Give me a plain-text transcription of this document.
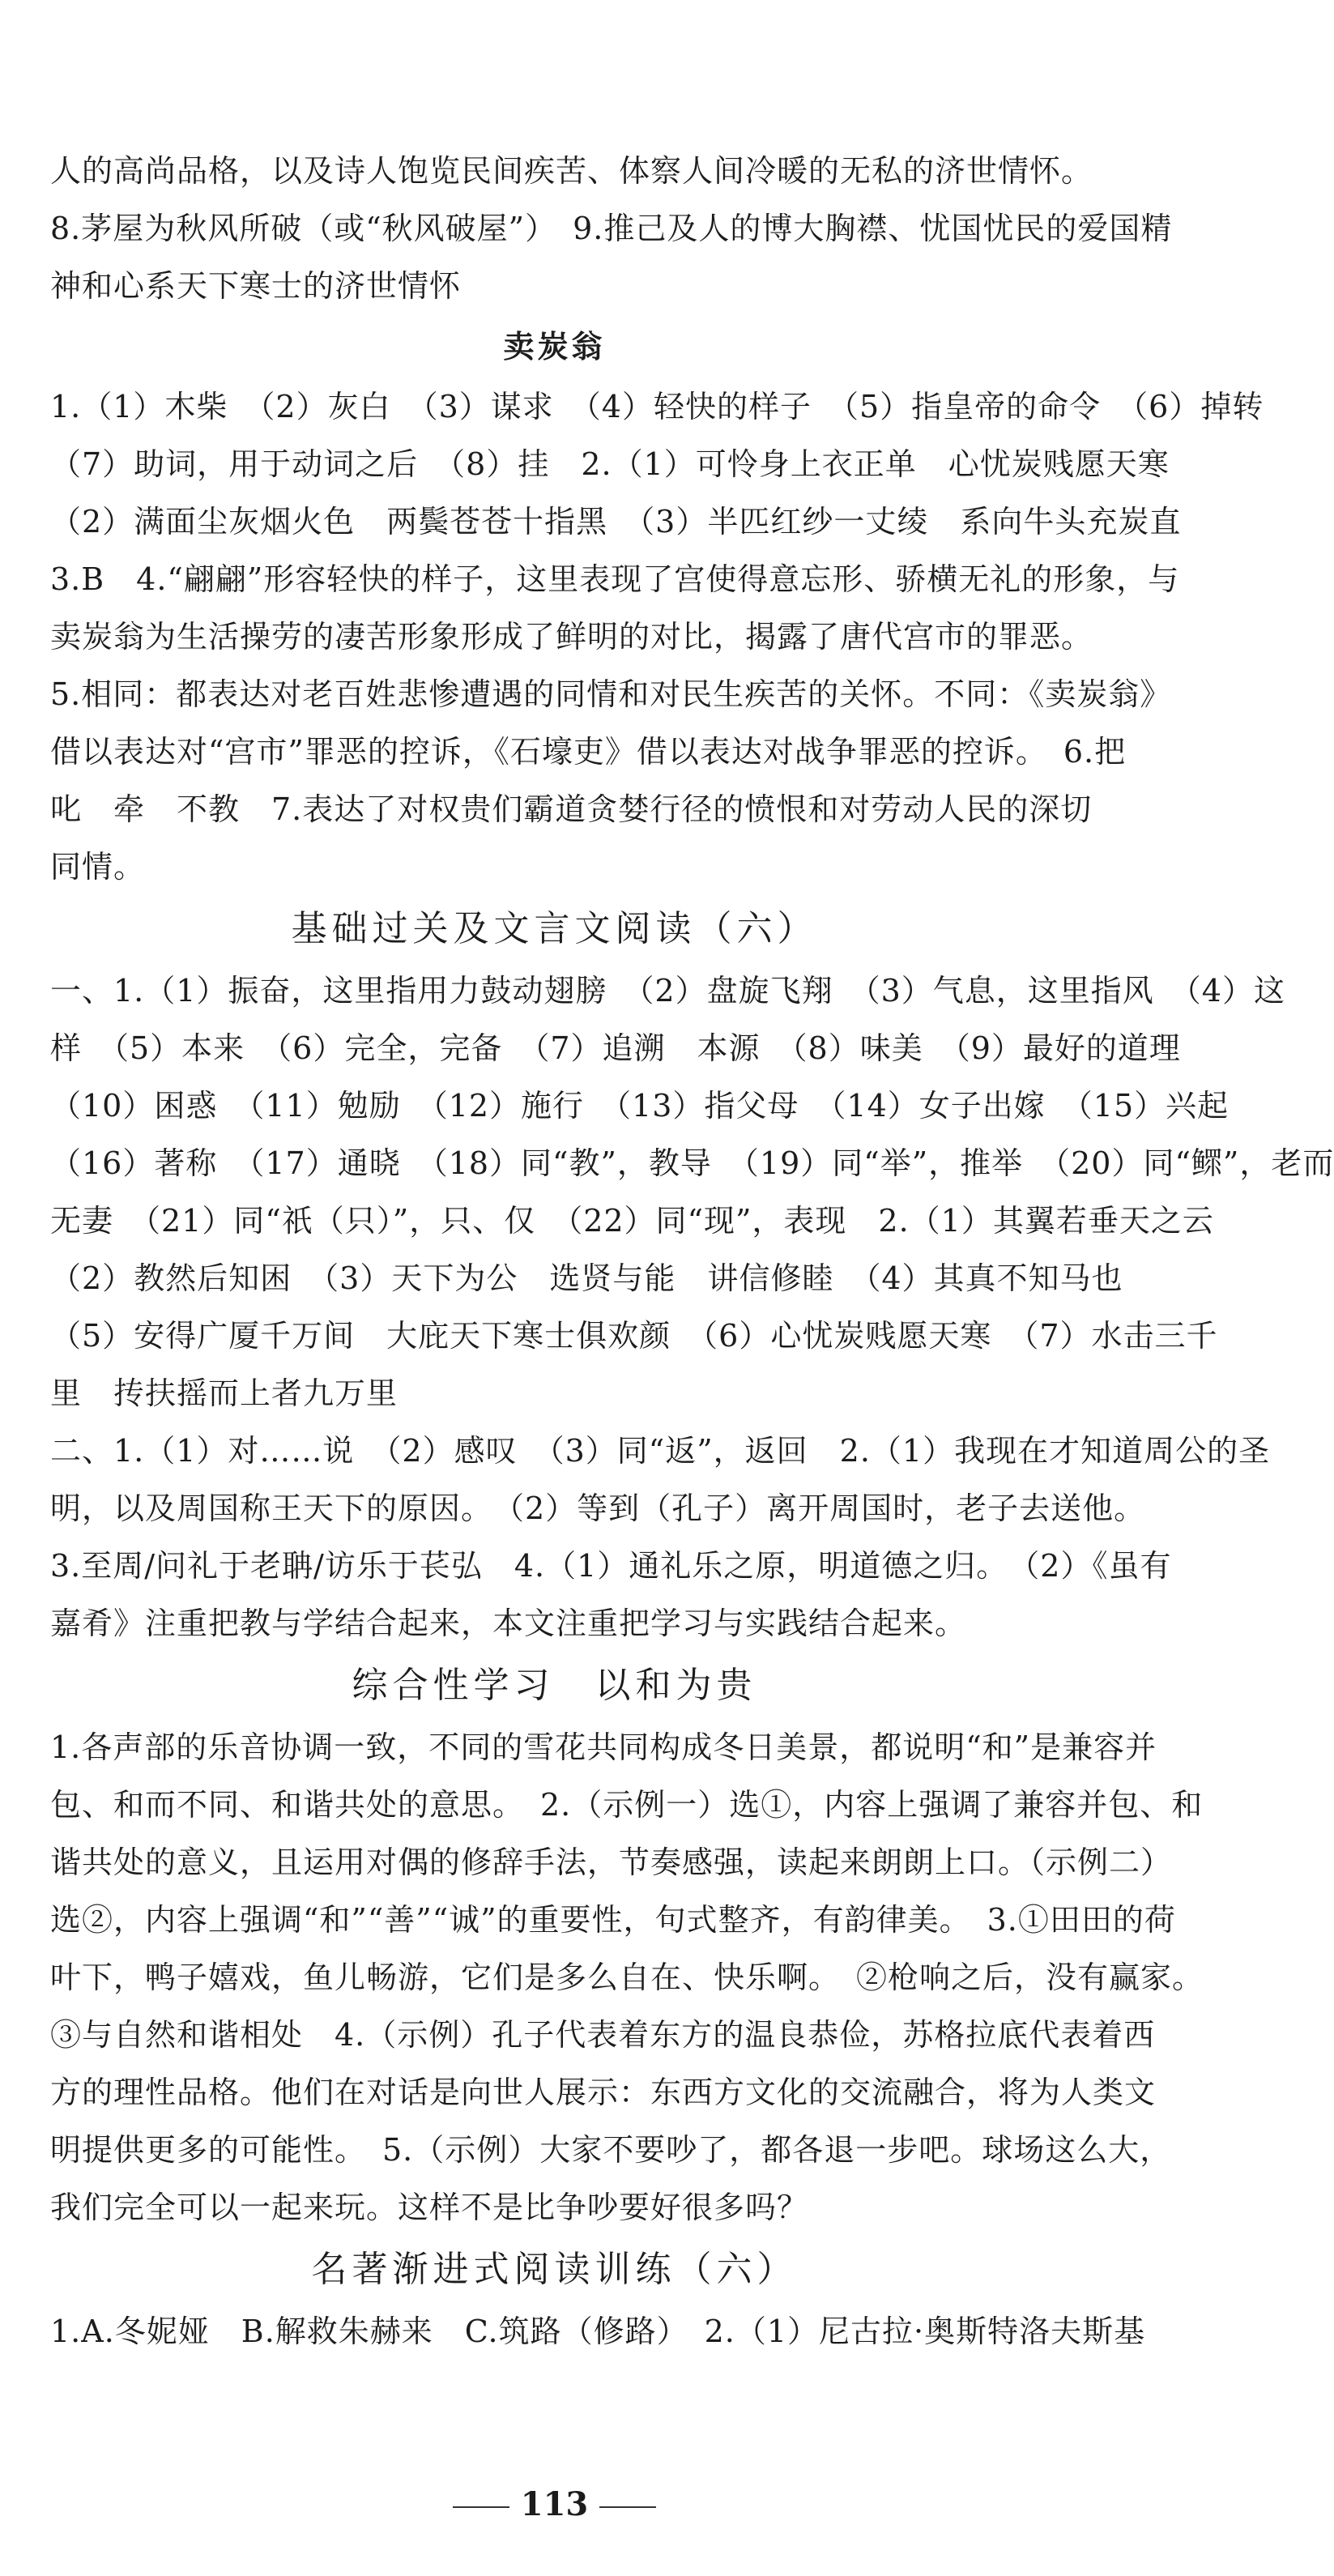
人的高尚品格，以及诗人饱览民间疾苦、体察人间冷暖的无私的济世情怀。
8.茅屋为秋风所破（或“秋风破屋”）　9.推己及人的博大胸襟、忧国忧民的爱国精
神和心系天下寒士的济世情怀
卖炭翁
1.（1）木柴　（2）灰白　（3）谋求　（4）轻快的样子　（5）指皇帝的命令　（6）掉转
（7）助词，用于动词之后　（8）挂　2.（1）可怜身上衣正单　心忧炭贱愿天寒
（2）满面尘灰烟火色　两鬓苍苍十指黑　（3）半匹红纱一丈绫　系向牛头充炭直
3.B　4.“翩翩”形容轻快的样子，这里表现了宫使得意忘形、骄横无礼的形象，与
卖炭翁为生活操劳的凄苦形象形成了鲜明的对比，揭露了唐代宫市的罪恶。
5.相同：都表达对老百姓悲惨遭遇的同情和对民生疾苦的关怀。不同：《卖炭翁》
借以表达对“宫市”罪恶的控诉，《石壕吏》借以表达对战争罪恶的控诉。　6.把
叱　牵　不教　7.表达了对权贵们霸道贪婪行径的愤恨和对劳动人民的深切
同情。
基础过关及文言文阅读（六）
一、1.（1）振奋，这里指用力鼓动翅膀　（2）盘旋飞翔　（3）气息，这里指风　（4）这
样　（5）本来　（6）完全，完备　（7）追溯　本源　（8）味美　（9）最好的道理
（10）困惑　（11）勉励　（12）施行　（13）指父母　（14）女子出嫁　（15）兴起
（16）著称　（17）通晓　（18）同“教”，教导　（19）同“举”，推举　（20）同“鳏”，老而
无妻　（21）同“祇（只）”，只、仅　（22）同“现”，表现　2.（1）其翼若垂天之云
（2）教然后知困　（3）天下为公　选贤与能　讲信修睦　（4）其真不知马也
（5）安得广厦千万间　大庇天下寒士俱欢颜　（6）心忧炭贱愿天寒　（7）水击三千
里　抟扶摇而上者九万里
二、1.（1）对……说　（2）感叹　（3）同“返”，返回　2.（1）我现在才知道周公的圣
明，以及周国称王天下的原因。　（2）等到（孔子）离开周国时，老子去送他。
3.至周/问礼于老聃/访乐于苌弘　4.（1）通礼乐之原，明道德之归。　（2）《虽有
嘉肴》注重把教与学结合起来，本文注重把学习与实践结合起来。
综合性学习　以和为贵
1.各声部的乐音协调一致，不同的雪花共同构成冬日美景，都说明“和”是兼容并
包、和而不同、和谐共处的意思。　2.（示例一）选①，内容上强调了兼容并包、和
谐共处的意义，且运用对偶的修辞手法，节奏感强，读起来朗朗上口。（示例二）
选②，内容上强调“和”“善”“诚”的重要性，句式整齐，有韵律美。　3.①田田的荷
叶下，鸭子嬉戏，鱼儿畅游，它们是多么自在、快乐啊。　②枪响之后，没有赢家。
③与自然和谐相处　4.（示例）孔子代表着东方的温良恭俭，苏格拉底代表着西
方的理性品格。他们在对话是向世人展示：东西方文化的交流融合，将为人类文
明提供更多的可能性。　5.（示例）大家不要吵了，都各退一步吧。球场这么大，
我们完全可以一起来玩。这样不是比争吵要好很多吗？
名著渐进式阅读训练（六）
1.A.冬妮娅　B.解救朱赫来　C.筑路（修路）　2.（1）尼古拉·奥斯特洛夫斯基
113
